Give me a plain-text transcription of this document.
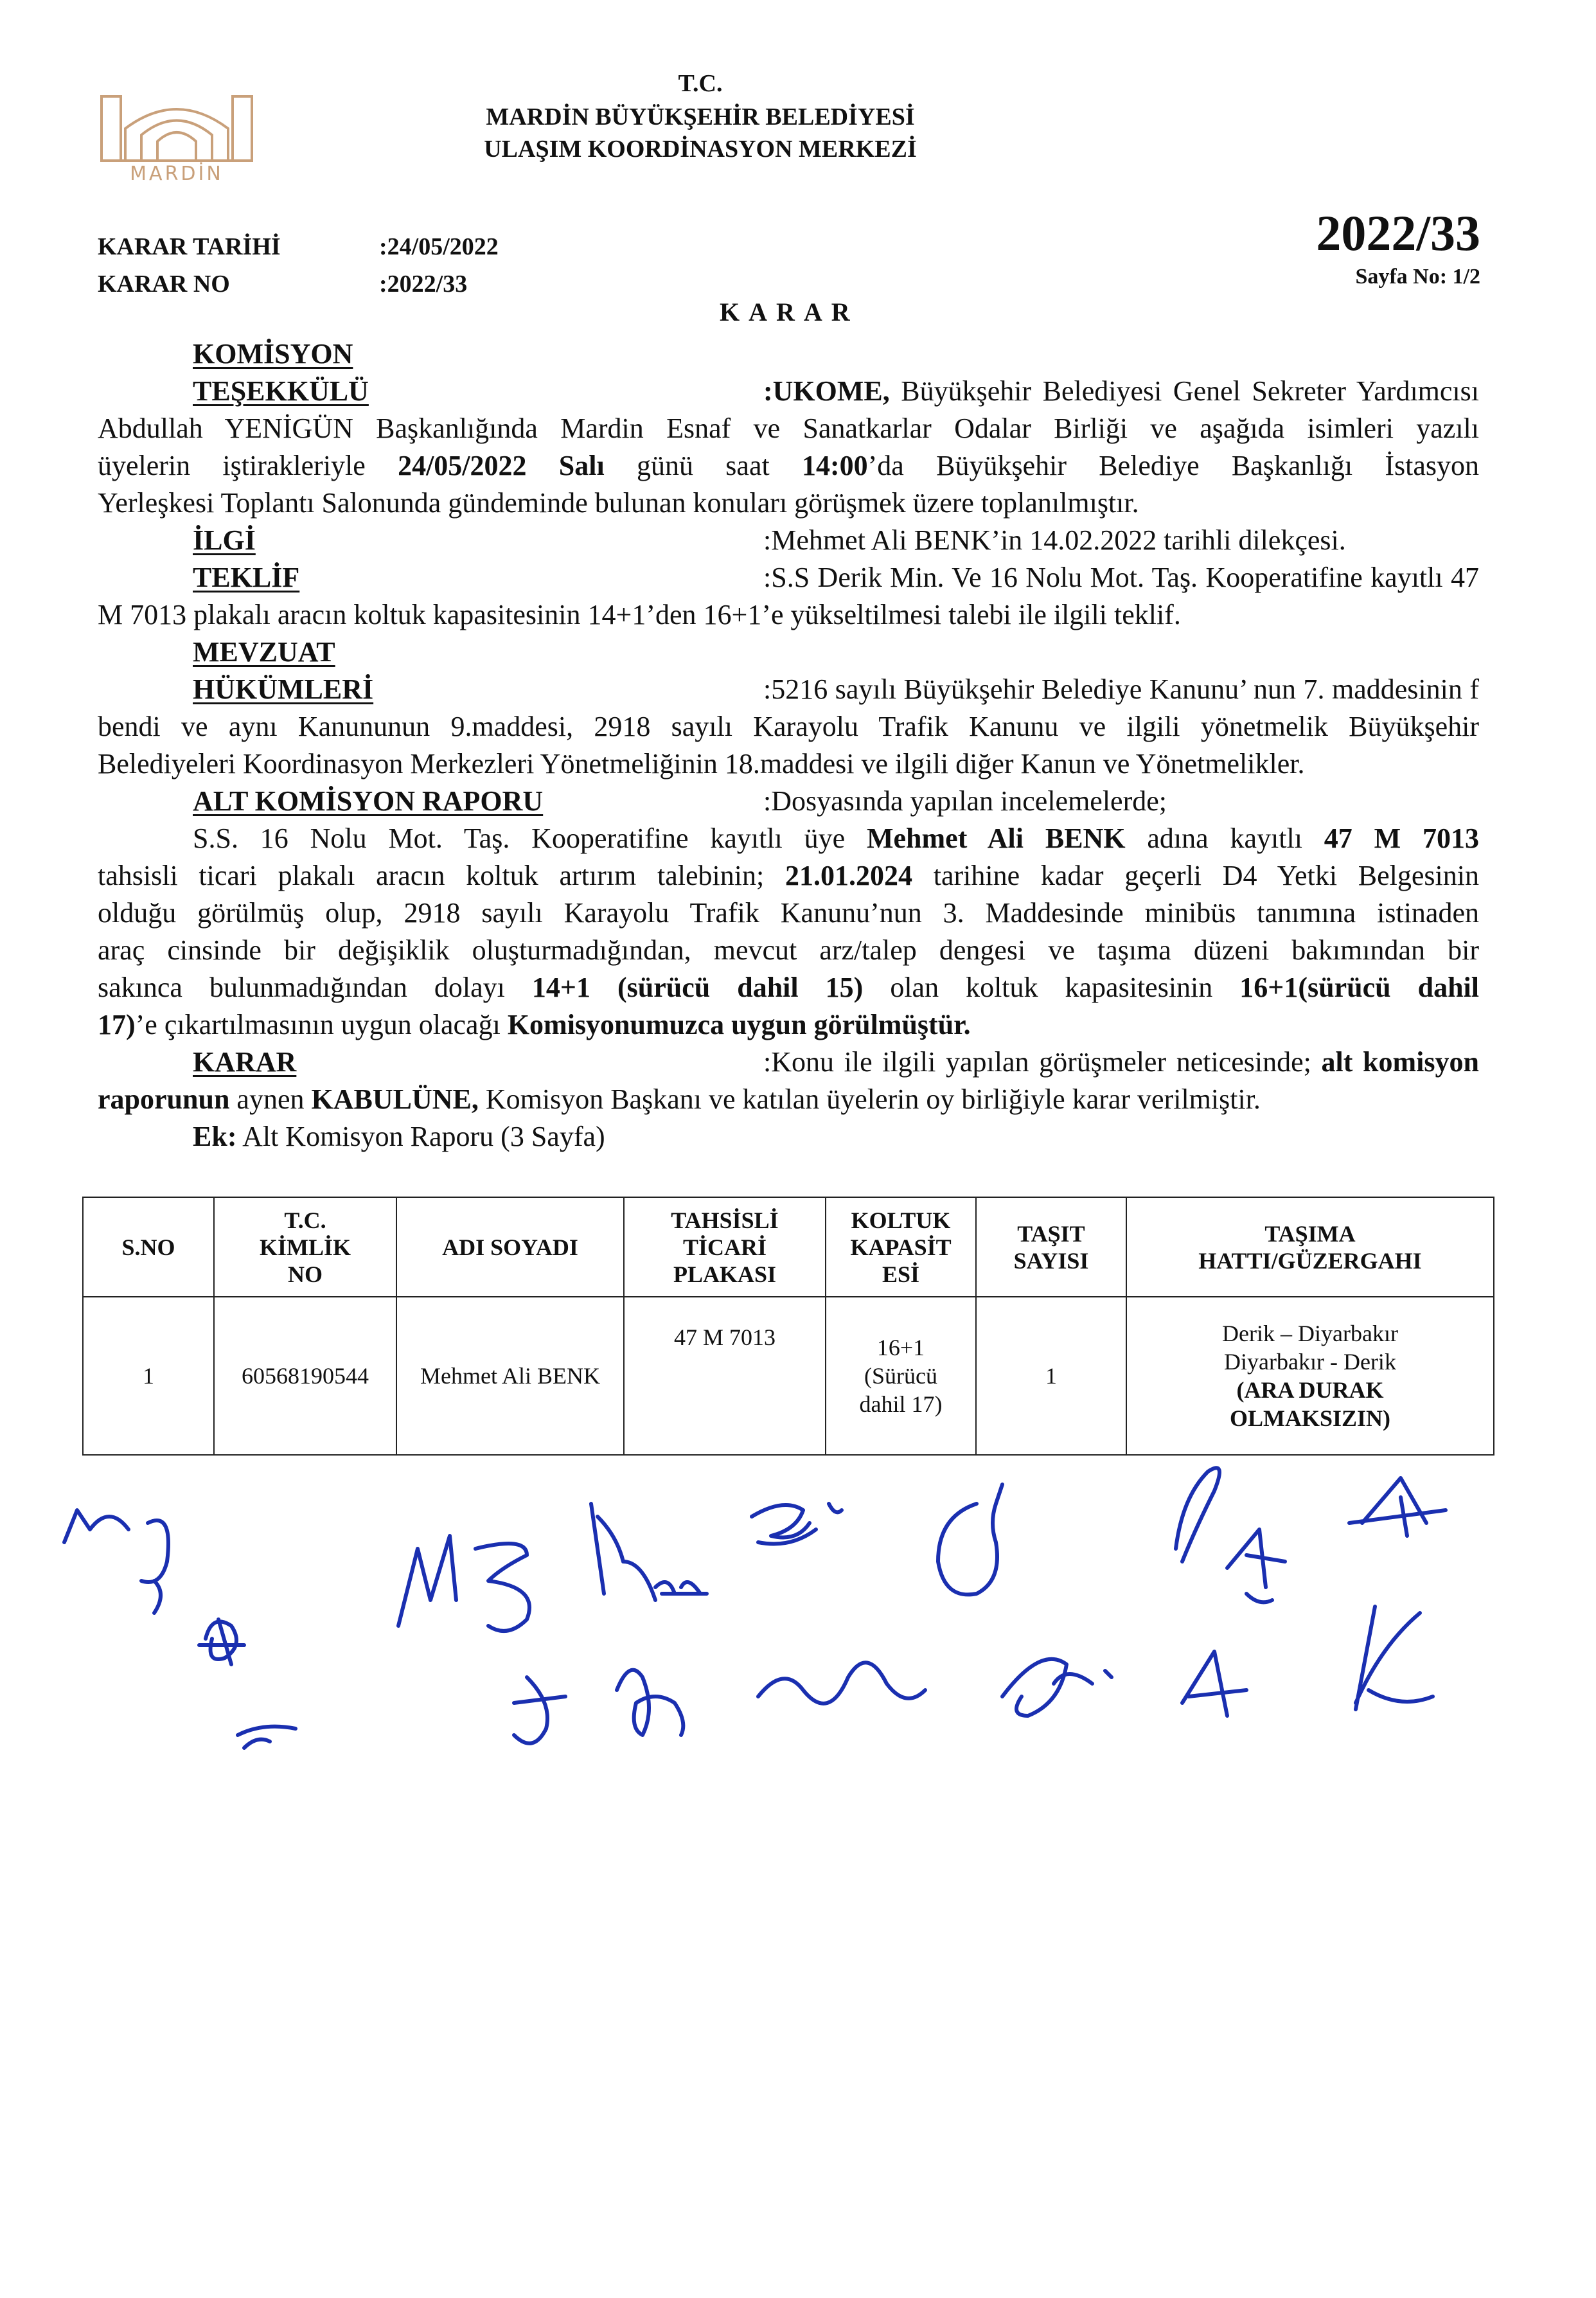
MARDİN
T.C.
MARDİN BÜYÜKŞEHİR BELEDİYESİ
ULAŞIM KOORDİNASYON MERKEZİ
KARAR TARİHİ	:24/05/2022
KARAR NO	:2022/33
2022/33
Sayfa No: 1/2
KARAR
KOMİSYON
TEŞEKKÜLÜ	:UKOME, Büyükşehir Belediyesi Genel Sekreter Yardımcısı

Abdullah YENİGÜN Başkanlığında Mardin Esnaf ve Sanatkarlar Odalar Birliği ve aşağıda isimleri yazılı

üyelerin iştirakleriyle 24/05/2022 Salı günü saat 14:00’da Büyükşehir Belediye Başkanlığı İstasyon

Yerleşkesi Toplantı Salonunda gündeminde bulunan konuları görüşmek üzere toplanılmıştır.

İLGİ	:Mehmet Ali BENK’in 14.02.2022 tarihli dilekçesi.
TEKLİF	:S.S Derik Min. Ve 16 Nolu Mot. Taş. Kooperatifine kayıtlı 47

M 7013 plakalı aracın koltuk kapasitesinin 14+1’den 16+1’e yükseltilmesi talebi ile ilgili teklif.

MEVZUAT
HÜKÜMLERİ	:5216 sayılı Büyükşehir Belediye Kanunu’ nun 7. maddesinin f

bendi ve aynı Kanununun 9.maddesi, 2918 sayılı Karayolu Trafik Kanunu ve ilgili yönetmelik Büyükşehir

Belediyeleri Koordinasyon Merkezleri Yönetmeliğinin 18.maddesi ve ilgili diğer Kanun ve Yönetmelikler.

ALT KOMİSYON RAPORU	:Dosyasında yapılan incelemelerde;

S.S. 16 Nolu Mot. Taş. Kooperatifine kayıtlı üye Mehmet Ali BENK adına kayıtlı 47 M 7013

tahsisli ticari plakalı aracın koltuk artırım talebinin; 21.01.2024 tarihine kadar geçerli D4 Yetki Belgesinin

olduğu görülmüş olup, 2918 sayılı Karayolu Trafik Kanunu’nun 3. Maddesinde minibüs tanımına istinaden

araç cinsinde bir değişiklik oluşturmadığından, mevcut arz/talep dengesi ve taşıma düzeni bakımından bir

sakınca bulunmadığından dolayı 14+1 (sürücü dahil 15) olan koltuk kapasitesinin 16+1(sürücü dahil

17)’e çıkartılmasının uygun olacağı Komisyonumuzca uygun görülmüştür.

KARAR	:Konu ile ilgili yapılan görüşmeler neticesinde; alt komisyon

raporunun aynen KABULÜNE, Komisyon Başkanı ve katılan üyelerin oy birliğiyle karar verilmiştir.

Ek: Alt Komisyon Raporu (3 Sayfa)

S.NO	T.C.
KİMLİK
NO	ADI SOYADI	TAHSİSLİ
TİCARİ
PLAKASI	KOLTUK
KAPASİT
ESİ	TAŞIT
SAYISI	TAŞIMA
HATTI/GÜZERGAHI
1	60568190544	Mehmet Ali BENK	47 M 7013	16+1
(Sürücü
dahil 17)	1	Derik – Diyarbakır
Diyarbakır - Derik
(ARA DURAK
OLMAKSIZIN)
